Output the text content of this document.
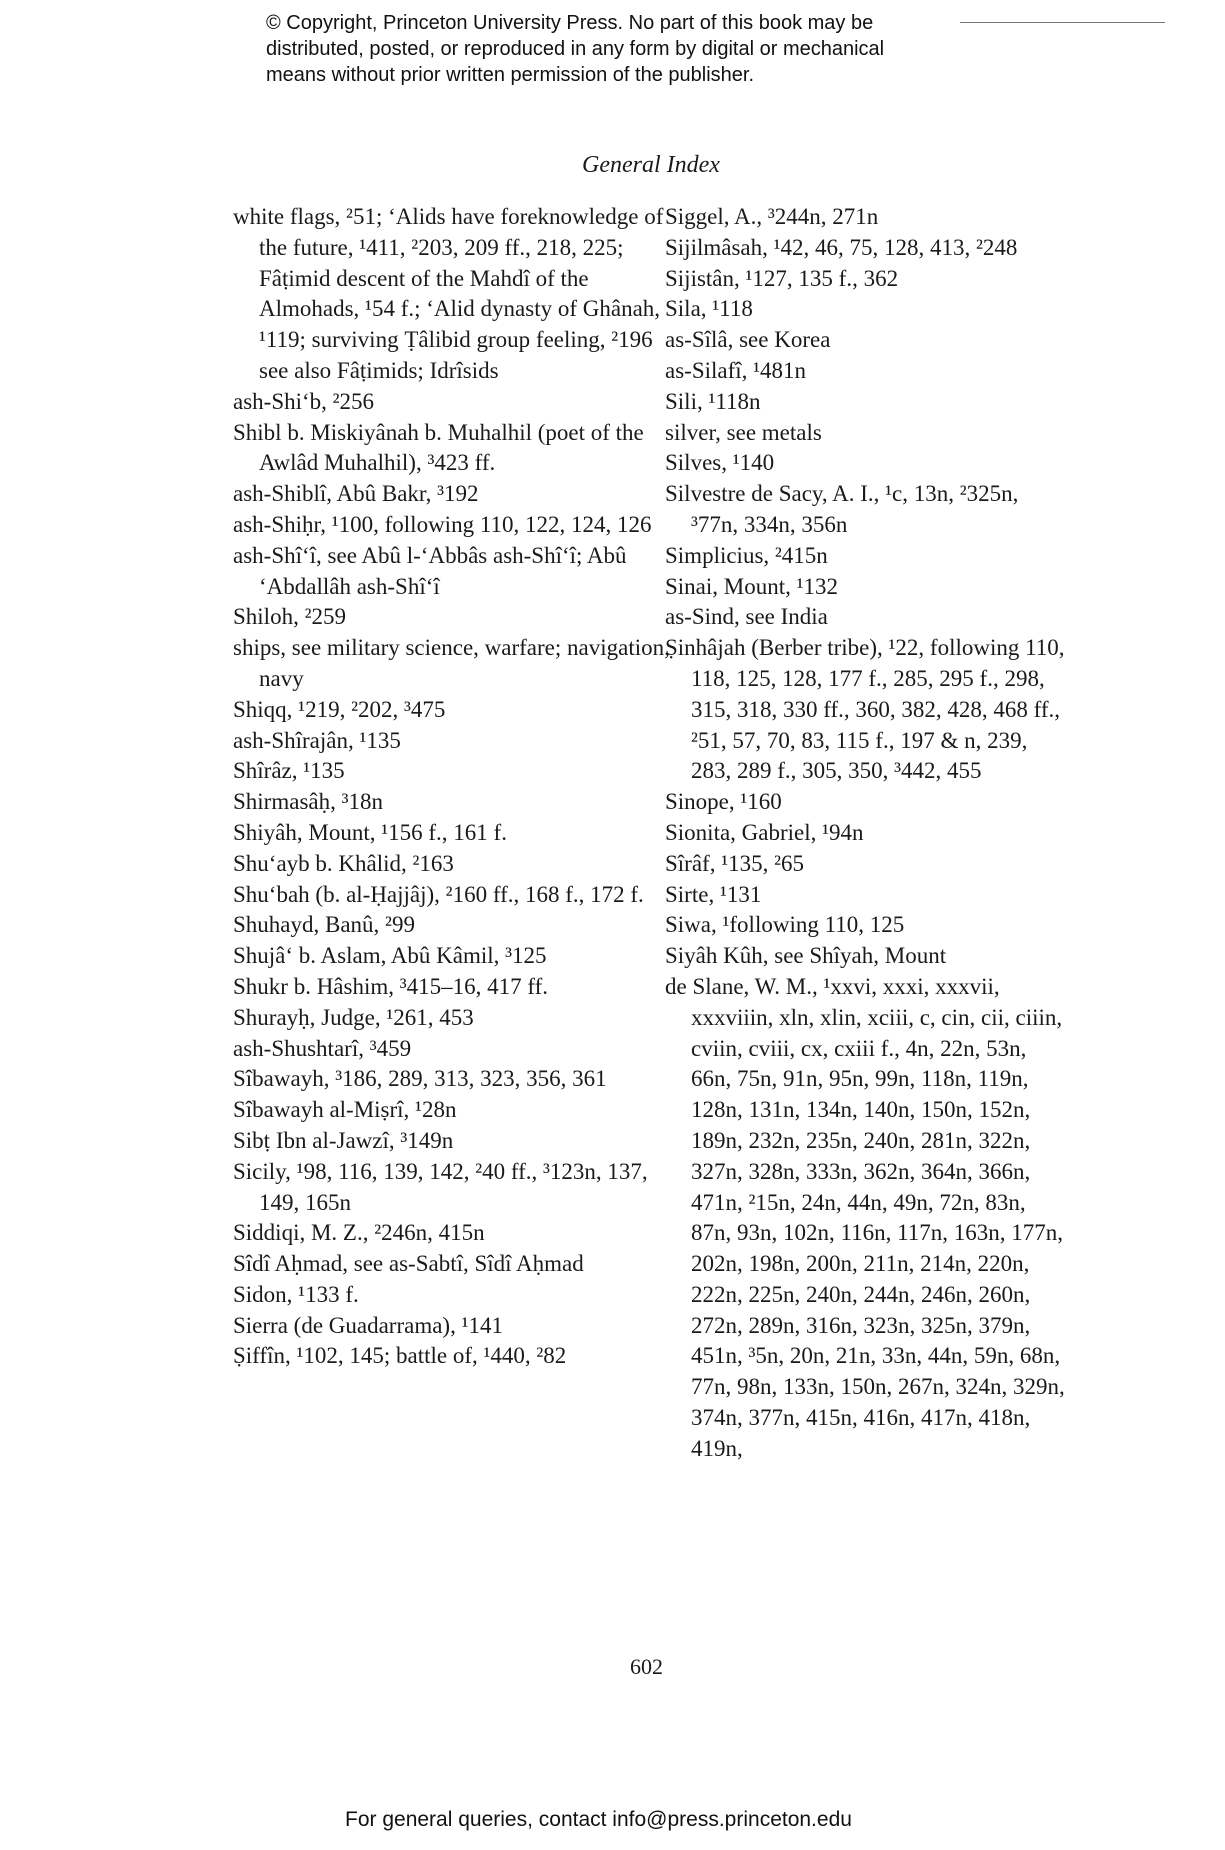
© Copyright, Princeton University Press. No part of this book may be
distributed, posted, or reproduced in any form by digital or mechanical
means without prior written permission of the publisher.
General Index

white flags, ²51; ‘Alids have foreknowledge of the future, ¹411, ²203, 209 ff., 218, 225; Fâṭimid descent of the Mahdî of the Almohads, ¹54 f.; ‘Alid dynasty of Ghânah, ¹119; surviving Ṭâlibid group feeling, ²196

see also Fâṭimids; Idrîsids

ash-Shi‘b, ²256

Shibl b. Miskiyânah b. Muhalhil (poet of the Awlâd Muhalhil), ³423 ff.

ash-Shiblî, Abû Bakr, ³192

ash-Shiḥr, ¹100, following 110, 122, 124, 126

ash-Shî‘î, see Abû l-‘Abbâs ash-Shî‘î; Abû ‘Abdallâh ash-Shî‘î

Shiloh, ²259

ships, see military science, warfare; navigation, navy

Shiqq, ¹219, ²202, ³475

ash-Shîrajân, ¹135

Shîrâz, ¹135

Shirmasâḥ, ³18n

Shiyâh, Mount, ¹156 f., 161 f.

Shu‘ayb b. Khâlid, ²163

Shu‘bah (b. al-Ḥajjâj), ²160 ff., 168 f., 172 f.

Shuhayd, Banû, ²99

Shujâ‘ b. Aslam, Abû Kâmil, ³125

Shukr b. Hâshim, ³415–16, 417 ff.

Shurayḥ, Judge, ¹261, 453

ash-Shushtarî, ³459

Sîbawayh, ³186, 289, 313, 323, 356, 361

Sîbawayh al-Miṣrî, ¹28n

Sibṭ Ibn al-Jawzî, ³149n

Sicily, ¹98, 116, 139, 142, ²40 ff., ³123n, 137, 149, 165n

Siddiqi, M. Z., ²246n, 415n

Sîdî Aḥmad, see as-Sabtî, Sîdî Aḥmad

Sidon, ¹133 f.

Sierra (de Guadarrama), ¹141

Ṣiffîn, ¹102, 145; battle of, ¹440, ²82

Siggel, A., ³244n, 271n

Sijilmâsah, ¹42, 46, 75, 128, 413, ²248

Sijistân, ¹127, 135 f., 362

Sila, ¹118

as-Sîlâ, see Korea

as-Silafî, ¹481n

Sili, ¹118n

silver, see metals

Silves, ¹140

Silvestre de Sacy, A. I., ¹c, 13n, ²325n, ³77n, 334n, 356n

Simplicius, ²415n

Sinai, Mount, ¹132

as-Sind, see India

Ṣinhâjah (Berber tribe), ¹22, following 110, 118, 125, 128, 177 f., 285, 295 f., 298, 315, 318, 330 ff., 360, 382, 428, 468 ff., ²51, 57, 70, 83, 115 f., 197 & n, 239, 283, 289 f., 305, 350, ³442, 455

Sinope, ¹160

Sionita, Gabriel, ¹94n

Sîrâf, ¹135, ²65

Sirte, ¹131

Siwa, ¹following 110, 125

Siyâh Kûh, see Shîyah, Mount

de Slane, W. M., ¹xxvi, xxxi, xxxvii, xxxviiin, xln, xlin, xciii, c, cin, cii, ciiin, cviin, cviii, cx, cxiii f., 4n, 22n, 53n, 66n, 75n, 91n, 95n, 99n, 118n, 119n, 128n, 131n, 134n, 140n, 150n, 152n, 189n, 232n, 235n, 240n, 281n, 322n, 327n, 328n, 333n, 362n, 364n, 366n, 471n, ²15n, 24n, 44n, 49n, 72n, 83n, 87n, 93n, 102n, 116n, 117n, 163n, 177n, 202n, 198n, 200n, 211n, 214n, 220n, 222n, 225n, 240n, 244n, 246n, 260n, 272n, 289n, 316n, 323n, 325n, 379n, 451n, ³5n, 20n, 21n, 33n, 44n, 59n, 68n, 77n, 98n, 133n, 150n, 267n, 324n, 329n, 374n, 377n, 415n, 416n, 417n, 418n, 419n,

602
For general queries, contact info@press.princeton.edu
